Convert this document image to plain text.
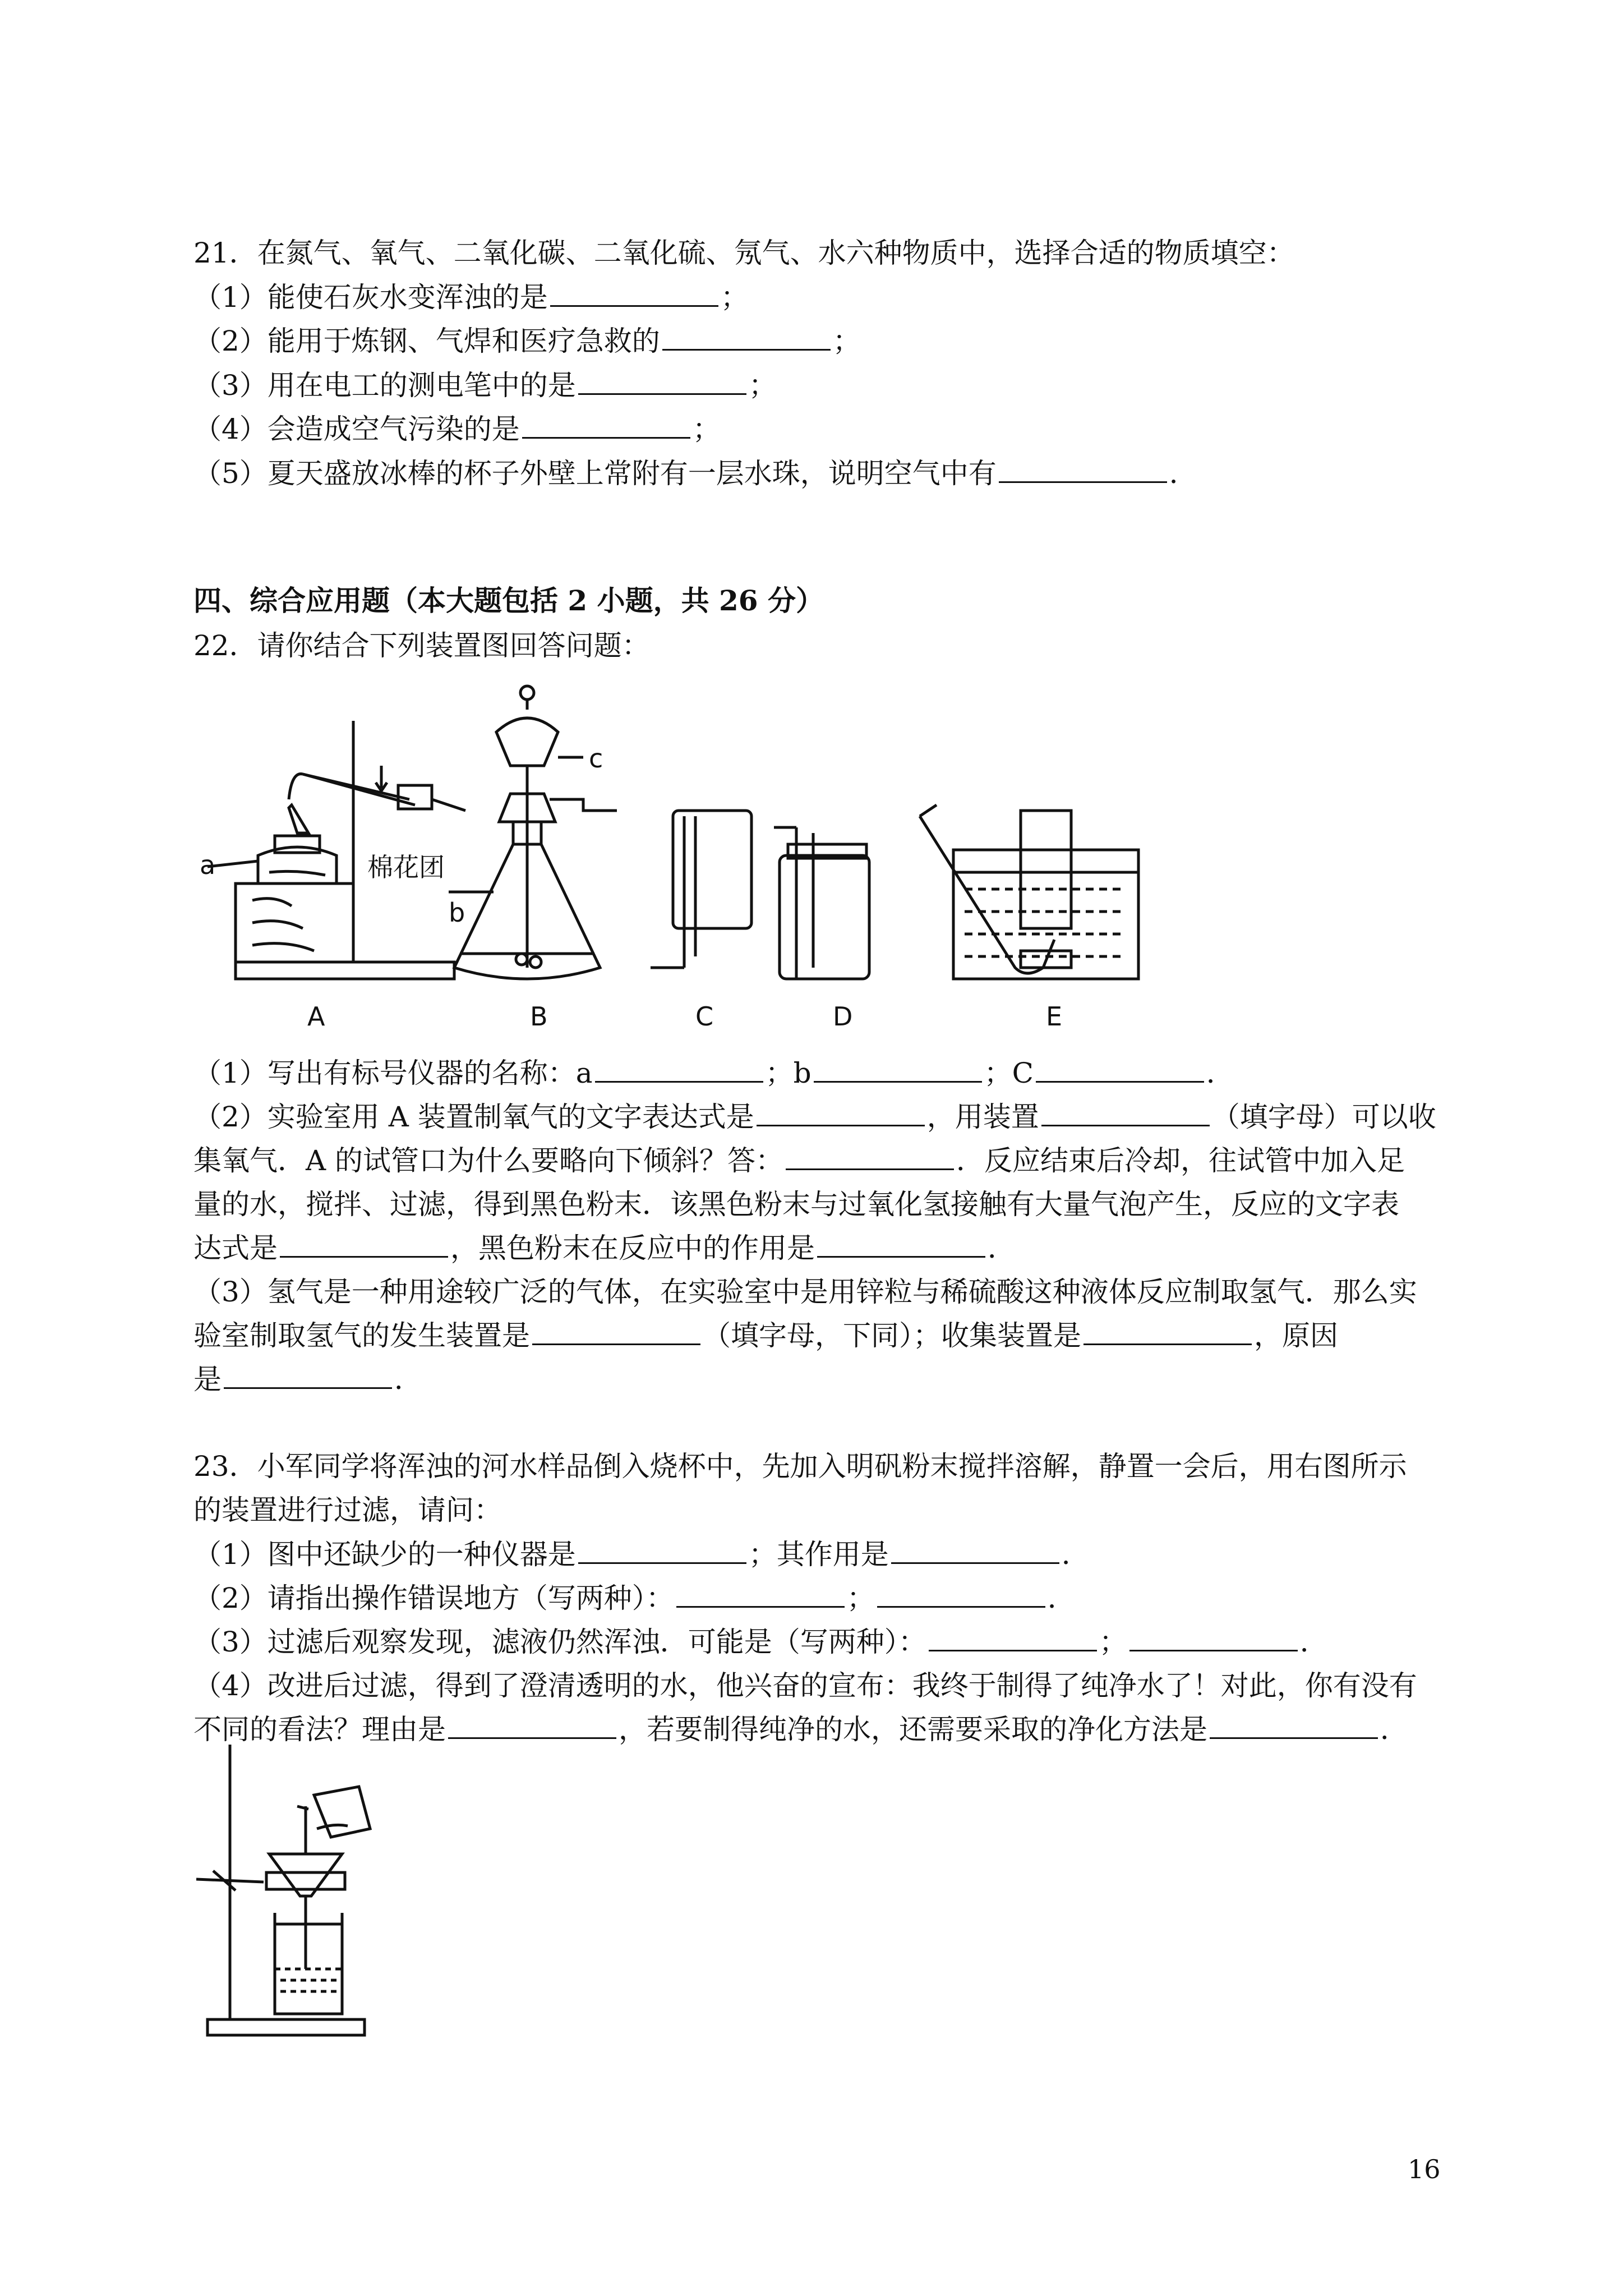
21．在氮气、氧气、二氧化碳、二氧化硫、氖气、水六种物质中，选择合适的物质填空：
（1）能使石灰水变浑浊的是	；
（2）能用于炼钢、气焊和医疗急救的	；
（3）用在电工的测电笔中的是	；
（4）会造成空气污染的是	；
（5）夏天盛放冰棒的杯子外壁上常附有一层水珠，说明空气中有	．
四、综合应用题（本大题包括 2 小题，共 26 分）
22．请你结合下列装置图回答问题：
a
b
c
棉花团
A	B	C	D	E
（1）写出有标号仪器的名称：a	；b	；C	．
（2）实验室用 A 装置制氧气的文字表达式是	，用装置	（填字母）可以收
集氧气．A 的试管口为什么要略向下倾斜？答：	．反应结束后冷却，往试管中加入足
量的水，搅拌、过滤，得到黑色粉末．该黑色粉末与过氧化氢接触有大量气泡产生，反应的文字表
达式是	，黑色粉末在反应中的作用是	．
（3）氢气是一种用途较广泛的气体，在实验室中是用锌粒与稀硫酸这种液体反应制取氢气．那么实
验室制取氢气的发生装置是	（填字母，下同）；收集装置是	，原因
是	．
23．小军同学将浑浊的河水样品倒入烧杯中，先加入明矾粉末搅拌溶解，静置一会后，用右图所示
的装置进行过滤，请问：
（1）图中还缺少的一种仪器是	；其作用是	．
（2）请指出操作错误地方（写两种）：	；	．
（3）过滤后观察发现，滤液仍然浑浊．可能是（写两种）：	；	．
（4）改进后过滤，得到了澄清透明的水，他兴奋的宣布：我终于制得了纯净水了！对此，你有没有
不同的看法？理由是	，若要制得纯净的水，还需要采取的净化方法是	．
16
